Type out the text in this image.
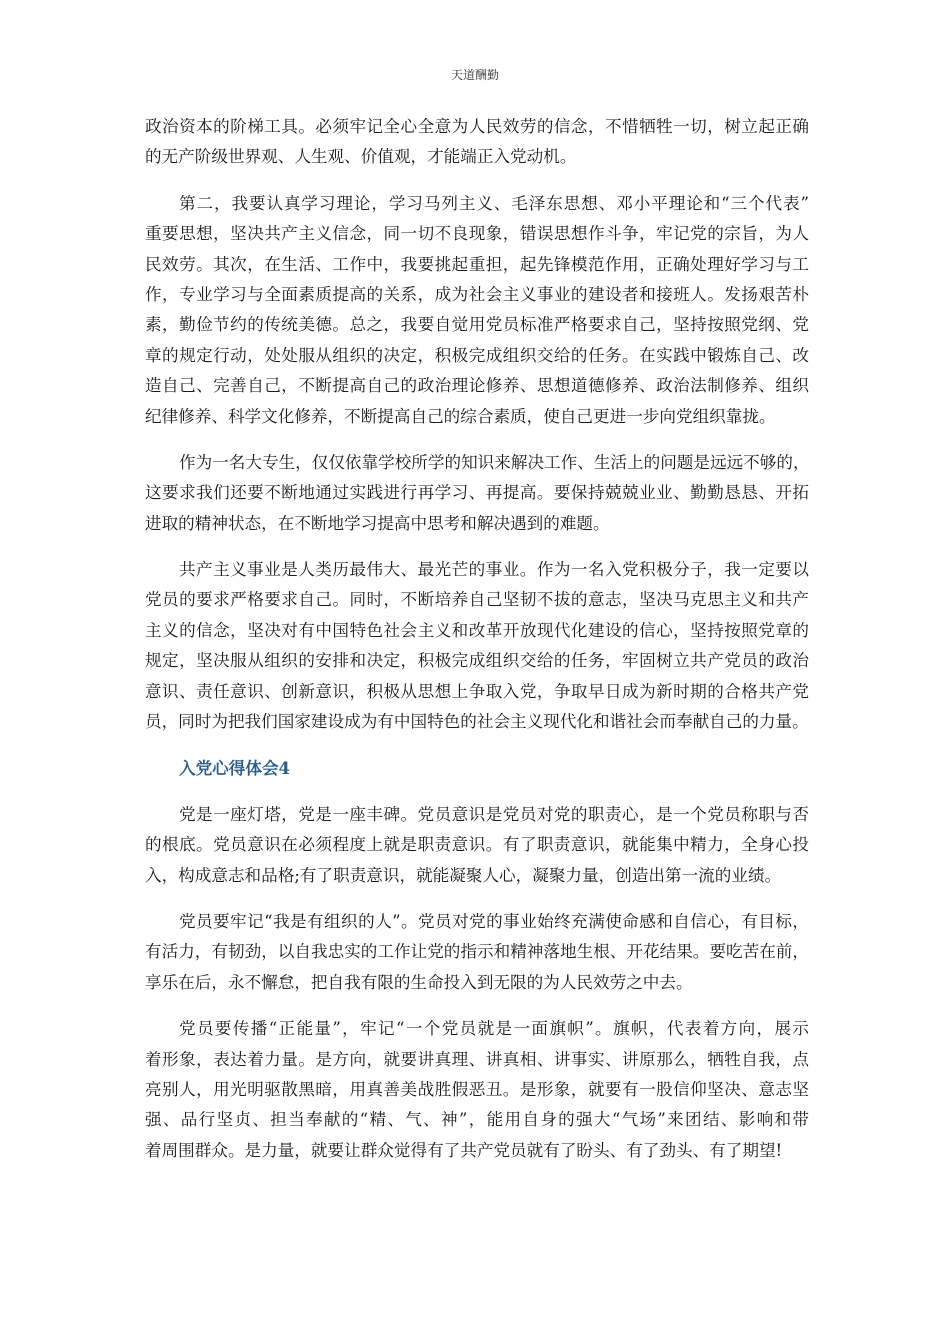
天道酬勤
政治资本的阶梯工具。必须牢记全心全意为人民效劳的信念，不惜牺牲一切，树立起正确
的无产阶级世界观、人生观、价值观，才能端正入党动机。
第二，我要认真学习理论，学习马列主义、毛泽东思想、邓小平理论和“三个代表”
重要思想，坚决共产主义信念，同一切不良现象，错误思想作斗争，牢记党的宗旨，为人
民效劳。其次，在生活、工作中，我要挑起重担，起先锋模范作用，正确处理好学习与工
作，专业学习与全面素质提高的关系，成为社会主义事业的建设者和接班人。发扬艰苦朴
素，勤俭节约的传统美德。总之，我要自觉用党员标准严格要求自己，坚持按照党纲、党
章的规定行动，处处服从组织的决定，积极完成组织交给的任务。在实践中锻炼自己、改
造自己、完善自己，不断提高自己的政治理论修养、思想道德修养、政治法制修养、组织
纪律修养、科学文化修养，不断提高自己的综合素质，使自己更进一步向党组织靠拢。
作为一名大专生，仅仅依靠学校所学的知识来解决工作、生活上的问题是远远不够的，
这要求我们还要不断地通过实践进行再学习、再提高。要保持兢兢业业、勤勤恳恳、开拓
进取的精神状态，在不断地学习提高中思考和解决遇到的难题。
共产主义事业是人类历最伟大、最光芒的事业。作为一名入党积极分子，我一定要以
党员的要求严格要求自己。同时，不断培养自己坚韧不拔的意志，坚决马克思主义和共产
主义的信念，坚决对有中国特色社会主义和改革开放现代化建设的信心，坚持按照党章的
规定，坚决服从组织的安排和决定，积极完成组织交给的任务，牢固树立共产党员的政治
意识、责任意识、创新意识，积极从思想上争取入党，争取早日成为新时期的合格共产党
员，同时为把我们国家建设成为有中国特色的社会主义现代化和谐社会而奉献自己的力量。
入党心得体会4
党是一座灯塔，党是一座丰碑。党员意识是党员对党的职责心，是一个党员称职与否
的根底。党员意识在必须程度上就是职责意识。有了职责意识，就能集中精力，全身心投
入，构成意志和品格;有了职责意识，就能凝聚人心，凝聚力量，创造出第一流的业绩。
党员要牢记“我是有组织的人”。党员对党的事业始终充满使命感和自信心，有目标，
有活力，有韧劲，以自我忠实的工作让党的指示和精神落地生根、开花结果。要吃苦在前，
享乐在后，永不懈怠，把自我有限的生命投入到无限的为人民效劳之中去。
党员要传播“正能量”，牢记“一个党员就是一面旗帜”。旗帜，代表着方向，展示
着形象，表达着力量。是方向，就要讲真理、讲真相、讲事实、讲原那么，牺牲自我，点
亮别人，用光明驱散黑暗，用真善美战胜假恶丑。是形象，就要有一股信仰坚决、意志坚
强、品行坚贞、担当奉献的“精、气、神”，能用自身的强大“气场”来团结、影响和带
着周围群众。是力量，就要让群众觉得有了共产党员就有了盼头、有了劲头、有了期望!
